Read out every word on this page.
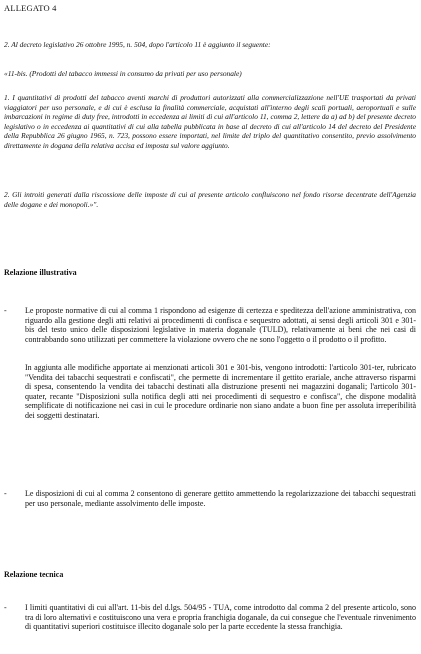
ALLEGATO 4
2. Al decreto legislativo 26 ottobre 1995, n. 504, dopo l'articolo 11 è aggiunto il seguente:
«11-bis. (Prodotti del tabacco immessi in consumo da privati per uso personale)
1. I quantitativi di prodotti del tabacco aventi marchi di produttori autorizzati alla commercializzazione nell'UE trasportati da privati viaggiatori per uso personale, e di cui è esclusa la finalità commerciale, acquistati all'interno degli scali portuali, aeroportuali e sulle imbarcazioni in regime di duty free, introdotti in eccedenza ai limiti di cui all'articolo 11, comma 2, lettere da a) ad b) del presente decreto legislativo o in eccedenza ai quantitativi di cui alla tabella pubblicata in base al decreto di cui all'articolo 14 del decreto del Presidente della Repubblica 26 giugno 1965, n. 723, possono essere importati, nel limite del triplo del quantitativo consentito, previo assolvimento direttamente in dogana della relativa accisa ed imposta sul valore aggiunto.
2. Gli introiti generati dalla riscossione delle imposte di cui al presente articolo confluiscono nel fondo risorse decentrate dell'Agenzia delle dogane e dei monopoli.»".
Relazione illustrativa
- Le proposte normative di cui al comma 1 rispondono ad esigenze di certezza e speditezza dell'azione amministrativa, con riguardo alla gestione degli atti relativi ai procedimenti di confisca e sequestro adottati, ai sensi degli articoli 301 e 301-bis del testo unico delle disposizioni legislative in materia doganale (TULD), relativamente ai beni che nei casi di contrabbando sono utilizzati per commettere la violazione ovvero che ne sono l'oggetto o il prodotto o il profitto.
In aggiunta alle modifiche apportate ai menzionati articoli 301 e 301-bis, vengono introdotti: l'articolo 301-ter, rubricato "Vendita dei tabacchi sequestrati e confiscati", che permette di incrementare il gettito erariale, anche attraverso risparmi di spesa, consentendo la vendita dei tabacchi destinati alla distruzione presenti nei magazzini doganali; l'articolo 301-quater, recante "Disposizioni sulla notifica degli atti nei procedimenti di sequestro e confisca", che dispone modalità semplificate di notificazione nei casi in cui le procedure ordinarie non siano andate a buon fine per assoluta irreperibilità dei soggetti destinatari.
- Le disposizioni di cui al comma 2 consentono di generare gettito ammettendo la regolarizzazione dei tabacchi sequestrati per uso personale, mediante assolvimento delle imposte.
Relazione tecnica
- I limiti quantitativi di cui all'art. 11-bis del d.lgs. 504/95 - TUA, come introdotto dal comma 2 del presente articolo, sono tra di loro alternativi e costituiscono una vera e propria franchigia doganale, da cui consegue che l'eventuale rinvenimento di quantitativi superiori costituisce illecito doganale solo per la parte eccedente la stessa franchigia.
